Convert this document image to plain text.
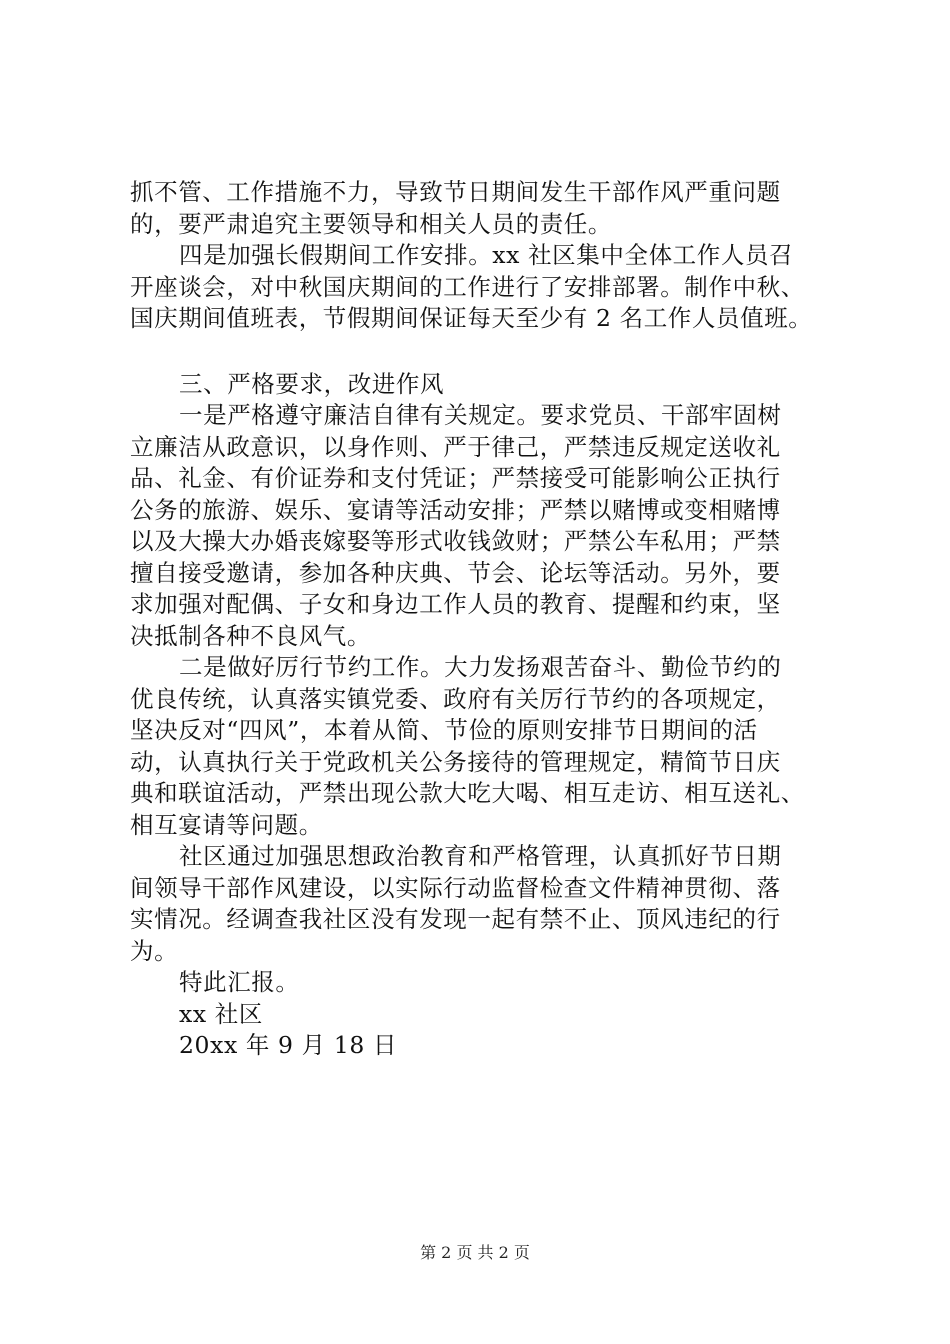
抓不管、工作措施不力，导致节日期间发生干部作风严重问题
的，要严肃追究主要领导和相关人员的责任。
四是加强长假期间工作安排。xx 社区集中全体工作人员召
开座谈会，对中秋国庆期间的工作进行了安排部署。制作中秋、
国庆期间值班表，节假期间保证每天至少有 2 名工作人员值班。
三、严格要求，改进作风
一是严格遵守廉洁自律有关规定。要求党员、干部牢固树
立廉洁从政意识，以身作则、严于律己，严禁违反规定送收礼
品、礼金、有价证券和支付凭证；严禁接受可能影响公正执行
公务的旅游、娱乐、宴请等活动安排；严禁以赌博或变相赌博
以及大操大办婚丧嫁娶等形式收钱敛财；严禁公车私用；严禁
擅自接受邀请，参加各种庆典、节会、论坛等活动。另外，要
求加强对配偶、子女和身边工作人员的教育、提醒和约束，坚
决抵制各种不良风气。
二是做好厉行节约工作。大力发扬艰苦奋斗、勤俭节约的
优良传统，认真落实镇党委、政府有关厉行节约的各项规定，
坚决反对“四风”，本着从简、节俭的原则安排节日期间的活
动，认真执行关于党政机关公务接待的管理规定，精简节日庆
典和联谊活动，严禁出现公款大吃大喝、相互走访、相互送礼、
相互宴请等问题。
社区通过加强思想政治教育和严格管理，认真抓好节日期
间领导干部作风建设，以实际行动监督检查文件精神贯彻、落
实情况。经调查我社区没有发现一起有禁不止、顶风违纪的行
为。
特此汇报。
xx 社区
20xx 年 9 月 18 日
第 2 页 共 2 页
